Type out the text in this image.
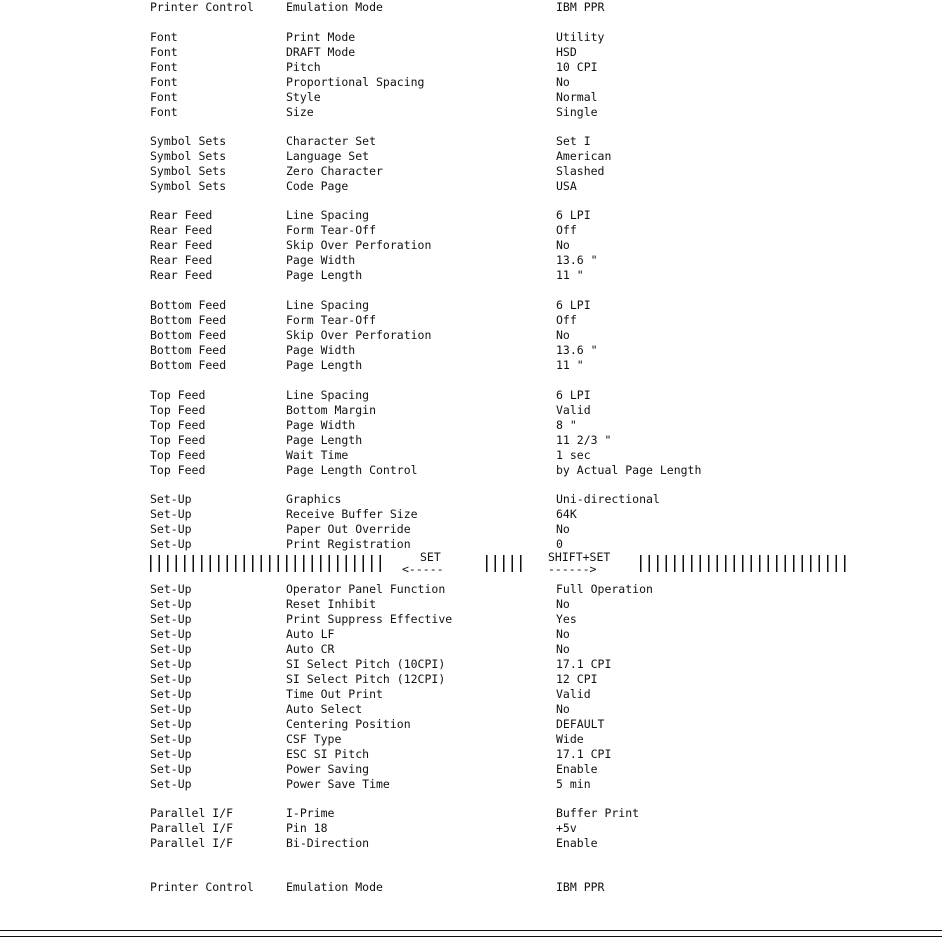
Printer Control	Emulation Mode	IBM PPR
Font	Print Mode	Utility
Font	DRAFT Mode	HSD
Font	Pitch	10 CPI
Font	Proportional Spacing	No
Font	Style	Normal
Font	Size	Single
Symbol Sets	Character Set	Set I
Symbol Sets	Language Set	American
Symbol Sets	Zero Character	Slashed
Symbol Sets	Code Page	USA
Rear Feed	Line Spacing	6 LPI
Rear Feed	Form Tear-Off	Off
Rear Feed	Skip Over Perforation	No
Rear Feed	Page Width	13.6 "
Rear Feed	Page Length	11 "
Bottom Feed	Line Spacing	6 LPI
Bottom Feed	Form Tear-Off	Off
Bottom Feed	Skip Over Perforation	No
Bottom Feed	Page Width	13.6 "
Bottom Feed	Page Length	11 "
Top Feed	Line Spacing	6 LPI
Top Feed	Bottom Margin	Valid
Top Feed	Page Width	8 "
Top Feed	Page Length	11 2/3 "
Top Feed	Wait Time	1 sec
Top Feed	Page Length Control	by Actual Page Length
Set-Up	Graphics	Uni-directional
Set-Up	Receive Buffer Size	64K
Set-Up	Paper Out Override	No
Set-Up	Print Registration	0
Set-Up	Operator Panel Function	Full Operation
Set-Up	Reset Inhibit	No
Set-Up	Print Suppress Effective	Yes
Set-Up	Auto LF	No
Set-Up	Auto CR	No
Set-Up	SI Select Pitch (10CPI)	17.1 CPI
Set-Up	SI Select Pitch (12CPI)	12 CPI
Set-Up	Time Out Print	Valid
Set-Up	Auto Select	No
Set-Up	Centering Position	DEFAULT
Set-Up	CSF Type	Wide
Set-Up	ESC SI Pitch	17.1 CPI
Set-Up	Power Saving	Enable
Set-Up	Power Save Time	5 min
Parallel I/F	I-Prime	Buffer Print
Parallel I/F	Pin 18	+5v
Parallel I/F	Bi-Direction	Enable
Printer Control	Emulation Mode	IBM PPR
SET
<-----
SHIFT+SET
------>
